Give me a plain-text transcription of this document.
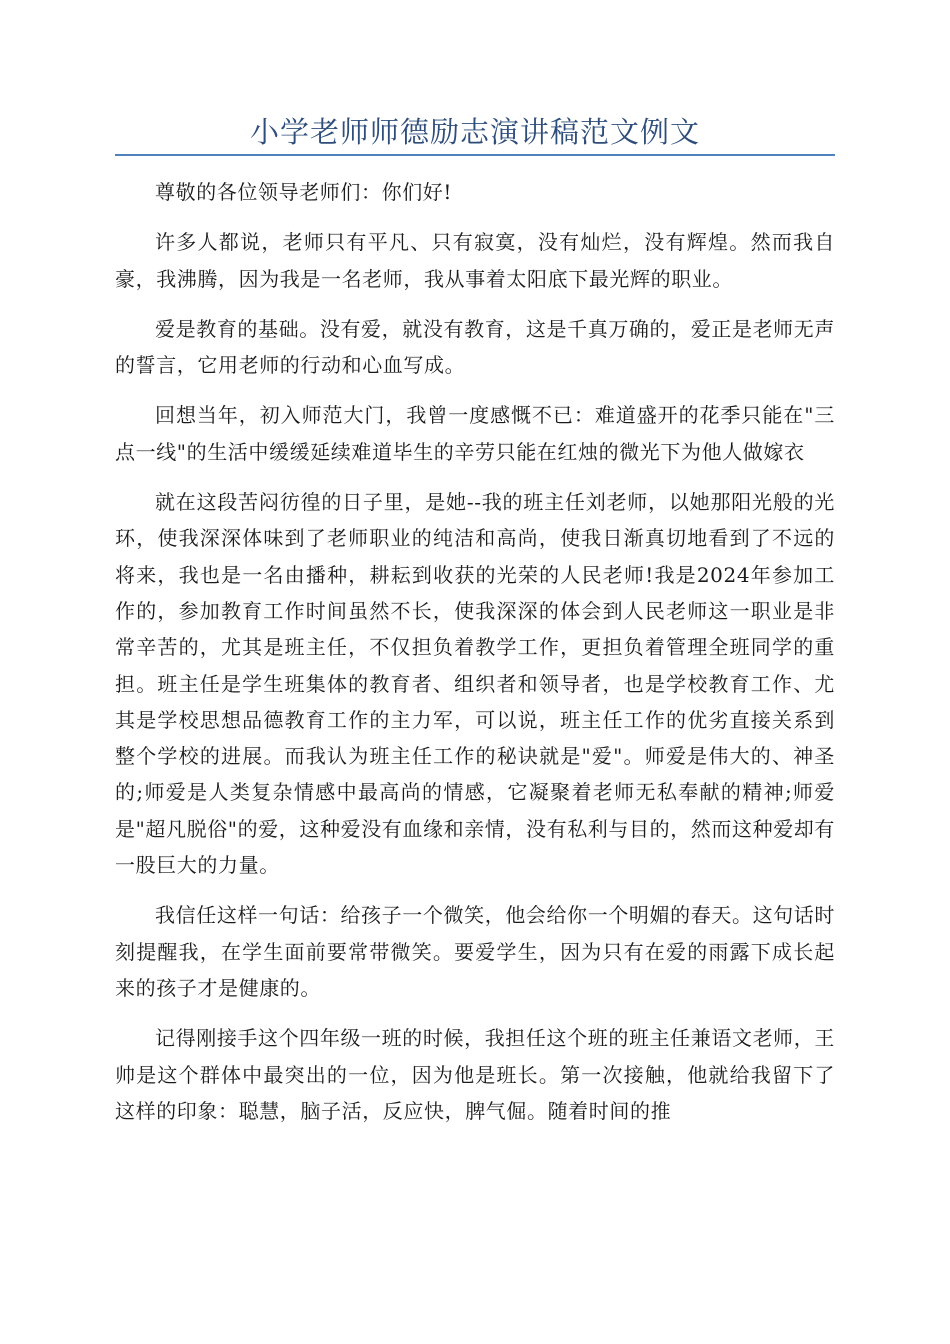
小学老师师德励志演讲稿范文例文

尊敬的各位领导老师们：你们好!

许多人都说，老师只有平凡、只有寂寞，没有灿烂，没有辉煌。然而我自豪，我沸腾，因为我是一名老师，我从事着太阳底下最光辉的职业。

爱是教育的基础。没有爱，就没有教育，这是千真万确的，爱正是老师无声的誓言，它用老师的行动和心血写成。

回想当年，初入师范大门，我曾一度感慨不已：难道盛开的花季只能在"三点一线"的生活中缓缓延续难道毕生的辛劳只能在红烛的微光下为他人做嫁衣

就在这段苦闷彷徨的日子里，是她--我的班主任刘老师，以她那阳光般的光环，使我深深体味到了老师职业的纯洁和高尚，使我日渐真切地看到了不远的将来，我也是一名由播种，耕耘到收获的光荣的人民老师!我是2024年参加工作的，参加教育工作时间虽然不长，使我深深的体会到人民老师这一职业是非常辛苦的，尤其是班主任，不仅担负着教学工作，更担负着管理全班同学的重担。班主任是学生班集体的教育者、组织者和领导者，也是学校教育工作、尤其是学校思想品德教育工作的主力军，可以说，班主任工作的优劣直接关系到整个学校的进展。而我认为班主任工作的秘诀就是"爱"。师爱是伟大的、神圣的;师爱是人类复杂情感中最高尚的情感，它凝聚着老师无私奉献的精神;师爱是"超凡脱俗"的爱，这种爱没有血缘和亲情，没有私利与目的，然而这种爱却有一股巨大的力量。

我信任这样一句话：给孩子一个微笑，他会给你一个明媚的春天。这句话时刻提醒我，在学生面前要常带微笑。要爱学生，因为只有在爱的雨露下成长起来的孩子才是健康的。

记得刚接手这个四年级一班的时候，我担任这个班的班主任兼语文老师，王帅是这个群体中最突出的一位，因为他是班长。第一次接触，他就给我留下了这样的印象：聪慧，脑子活，反应快，脾气倔。随着时间的推
